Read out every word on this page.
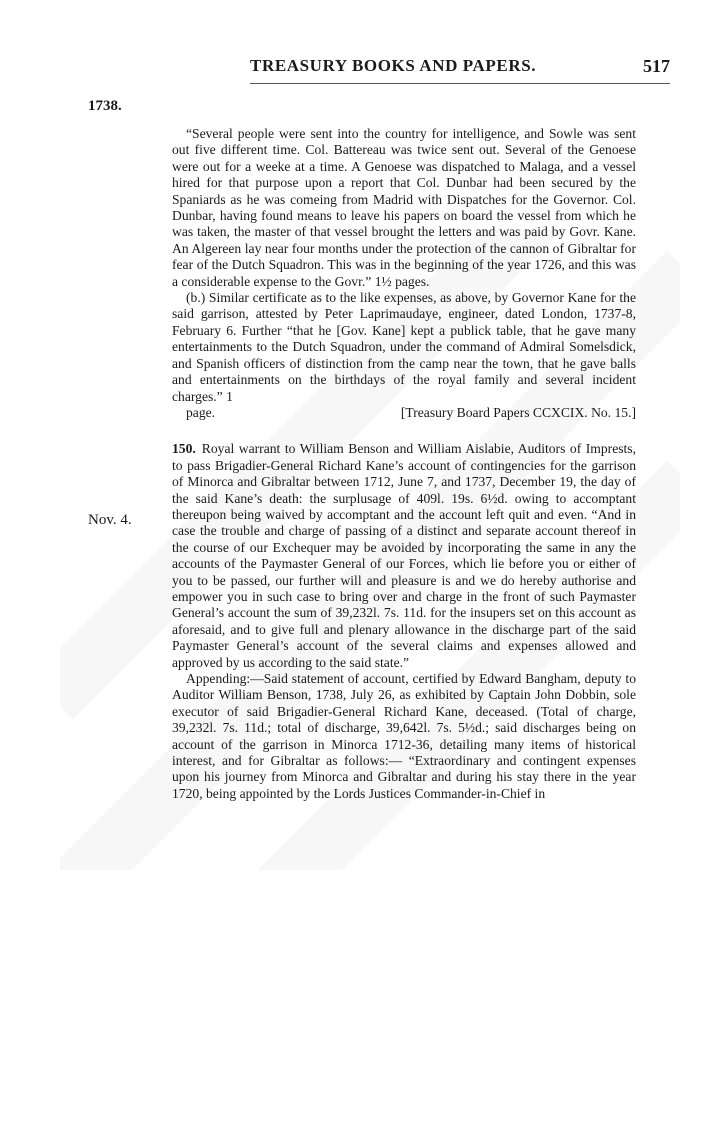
TREASURY BOOKS AND PAPERS.	517
1738.
Nov. 4.

“Several people were sent into the country for intelligence, and Sowle was sent out five different time. Col. Battereau was twice sent out. Several of the Genoese were out for a weeke at a time. A Genoese was dispatched to Malaga, and a vessel hired for that purpose upon a report that Col. Dunbar had been secured by the Spaniards as he was comeing from Madrid with Dispatches for the Governor. Col. Dunbar, having found means to leave his papers on board the vessel from which he was taken, the master of that vessel brought the letters and was paid by Govr. Kane. An Algereen lay near four months under the protection of the cannon of Gibraltar for fear of the Dutch Squadron. This was in the beginning of the year 1726, and this was a considerable expense to the Govr.” 1½ pages.

(b.) Similar certificate as to the like expenses, as above, by Governor Kane for the said garrison, attested by Peter Laprimaudaye, engineer, dated London, 1737-8, February 6. Further “that he [Gov. Kane] kept a publick table, that he gave many entertainments to the Dutch Squadron, under the command of Admiral Somelsdick, and Spanish officers of distinction from the camp near the town, that he gave balls and entertainments on the birthdays of the royal family and several incident charges.” 1

page.	[Treasury Board Papers CCXCIX. No. 15.]

150. Royal warrant to William Benson and William Aislabie, Auditors of Imprests, to pass Brigadier-General Richard Kane’s account of contingencies for the garrison of Minorca and Gibraltar between 1712, June 7, and 1737, December 19, the day of the said Kane’s death: the surplusage of 409l. 19s. 6½d. owing to accomptant thereupon being waived by accomptant and the account left quit and even. “And in case the trouble and charge of passing of a distinct and separate account thereof in the course of our Exchequer may be avoided by incorporating the same in any the accounts of the Paymaster General of our Forces, which lie before you or either of you to be passed, our further will and pleasure is and we do hereby authorise and empower you in such case to bring over and charge in the front of such Paymaster General’s account the sum of 39,232l. 7s. 11d. for the insupers set on this account as aforesaid, and to give full and plenary allowance in the discharge part of the said Paymaster General’s account of the several claims and expenses allowed and approved by us according to the said state.”

Appending:—Said statement of account, certified by Edward Bangham, deputy to Auditor William Benson, 1738, July 26, as exhibited by Captain John Dobbin, sole executor of said Brigadier-General Richard Kane, deceased. (Total of charge, 39,232l. 7s. 11d.; total of discharge, 39,642l. 7s. 5½d.; said discharges being on account of the garrison in Minorca 1712-36, detailing many items of historical interest, and for Gibraltar as follows:— “Extraordinary and contingent expenses upon his journey from Minorca and Gibraltar and during his stay there in the year 1720, being appointed by the Lords Justices Commander-in-Chief in
